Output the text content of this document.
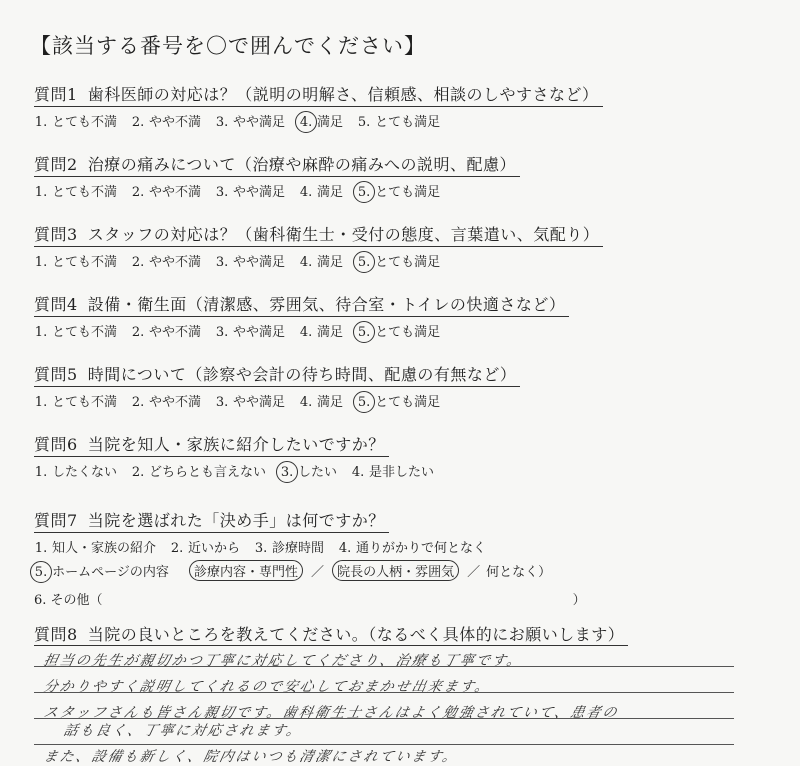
【該当する番号を〇で囲んでください】
質問1 歯科医師の対応は？（説明の明解さ、信頼感、相談のしやすさなど）
1. とても不満 2. やや不満 3. やや満足 4. 満足 5. とても満足
質問2 治療の痛みについて（治療や麻酔の痛みへの説明、配慮）
1. とても不満 2. やや不満 3. やや満足 4. 満足 5. とても満足
質問3 スタッフの対応は？（歯科衛生士・受付の態度、言葉遣い、気配り）
1. とても不満 2. やや不満 3. やや満足 4. 満足 5. とても満足
質問4 設備・衛生面（清潔感、雰囲気、待合室・トイレの快適さなど）
1. とても不満 2. やや不満 3. やや満足 4. 満足 5. とても満足
質問5 時間について（診察や会計の待ち時間、配慮の有無など）
1. とても不満 2. やや不満 3. やや満足 4. 満足 5. とても満足
質問6 当院を知人・家族に紹介したいですか？
1. したくない 2. どちらとも言えない 3. したい 4. 是非したい
質問7 当院を選ばれた「決め手」は何ですか？
1. 知人・家族の紹介 2. 近いから 3. 診療時間 4. 通りがかりで何となく
5. ホームページの内容 診療内容・専門性 ／ 院長の人柄・雰囲気 ／ 何となく）
6. その他（	）
質問8 当院の良いところを教えてください。（なるべく具体的にお願いします）
担当の先生が親切かつ丁寧に対応してくださり、治療も丁寧です。
分かりやすく説明してくれるので安心しておまかせ出来ます。
スタッフさんも皆さん親切です。歯科衛生士さんはよく勉強されていて、患者の
話も良く、丁寧に対応されます。
また、設備も新しく、院内はいつも清潔にされています。
